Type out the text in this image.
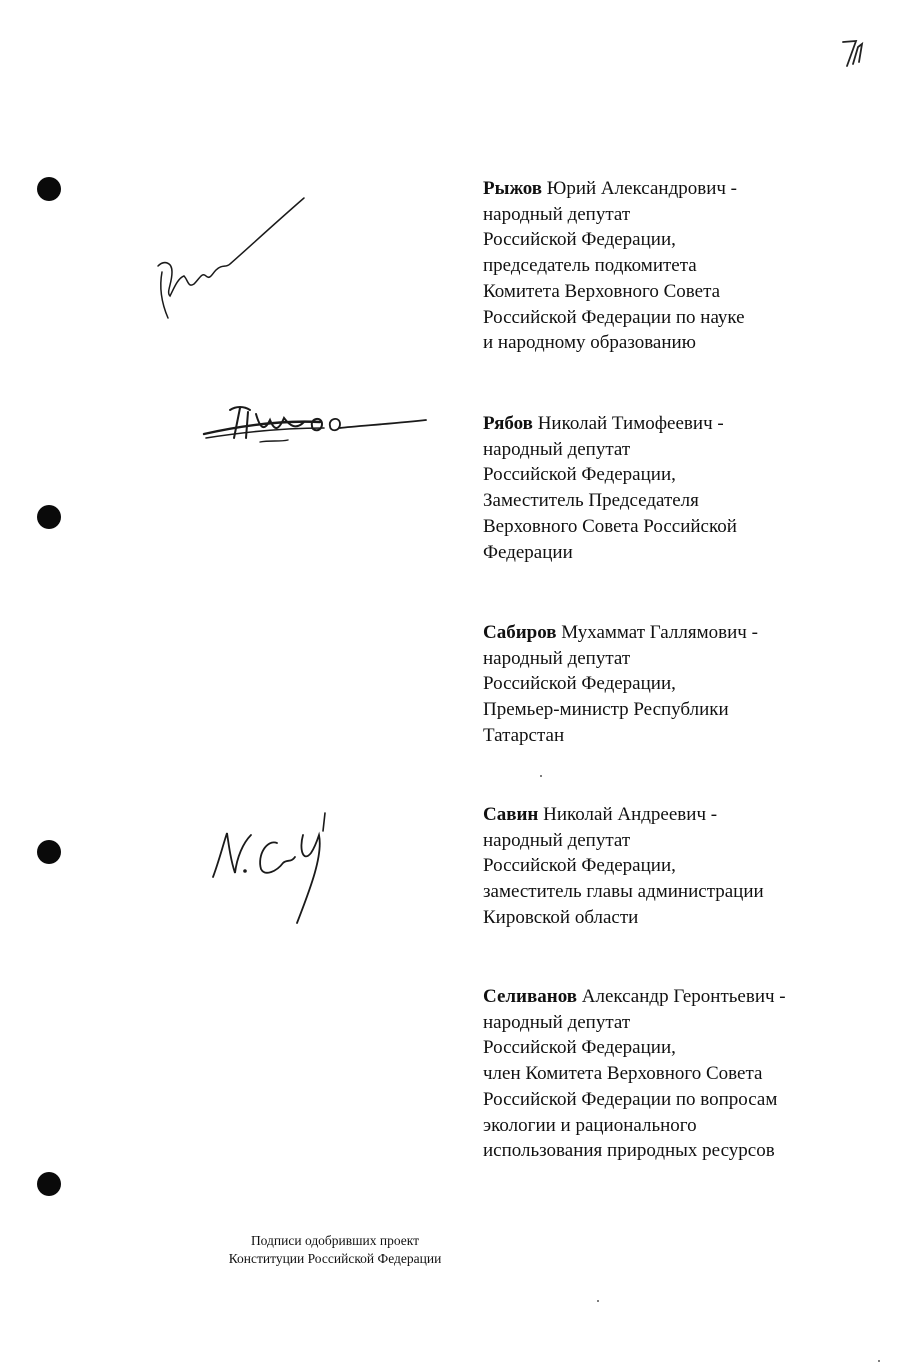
Рыжов Юрий Александрович -
народный депутат
Российской Федерации,
председатель подкомитета
Комитета Верховного Совета
Российской Федерации по науке
и народному образованию
Рябов Николай Тимофеевич -
народный депутат
Российской Федерации,
Заместитель Председателя
Верховного Совета Российской
Федерации
Сабиров Мухаммат Галлямович -
народный депутат
Российской Федерации,
Премьер-министр Республики
Татарстан
Савин Николай Андреевич -
народный депутат
Российской Федерации,
заместитель главы администрации
Кировской области
Селиванов Александр Геронтьевич -
народный депутат
Российской Федерации,
член Комитета Верховного Совета
Российской Федерации по вопросам
экологии и рационального
использования природных ресурсов
Подписи одобривших проект
Конституции Российской Федерации
